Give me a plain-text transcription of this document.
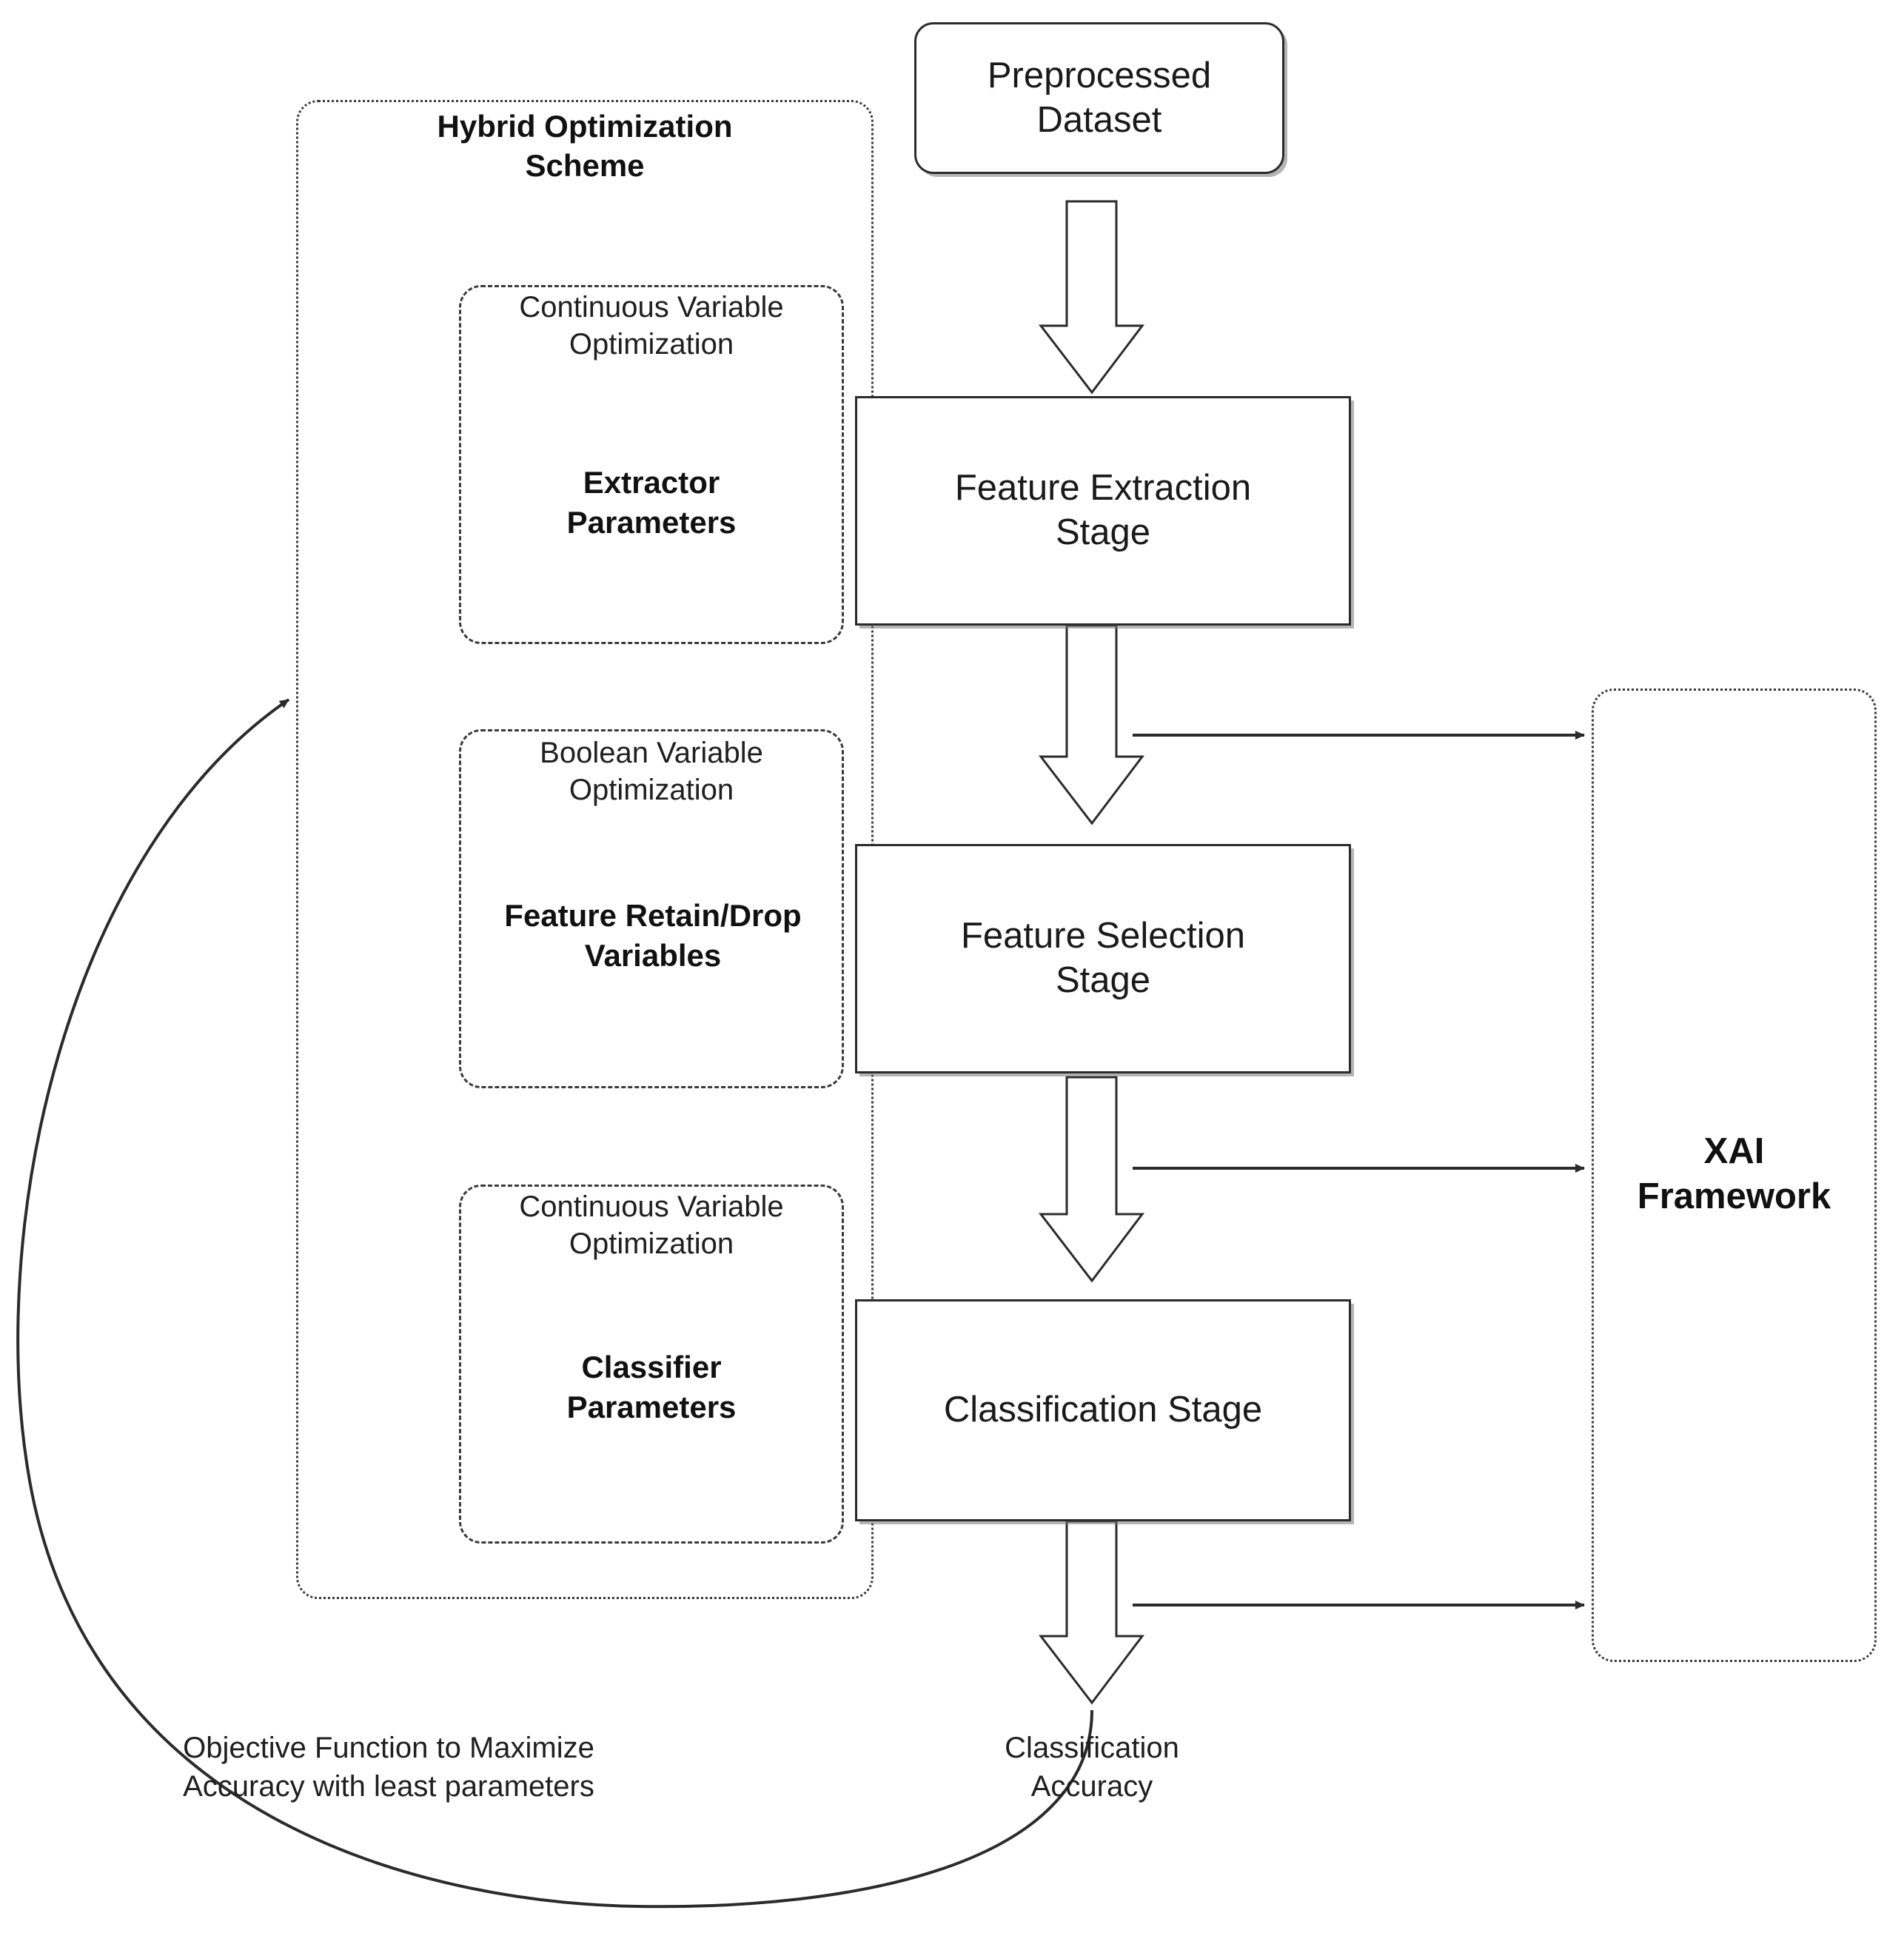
Hybrid Optimization
Scheme
Continuous Variable
Optimization
Extractor
Parameters
Boolean Variable
Optimization
Feature Retain/Drop
Variables
Continuous Variable
Optimization
Classifier
Parameters
Preprocessed
Dataset
Feature Extraction
Stage
Feature Selection
Stage
Classification Stage
XAI
Framework
Objective Function to Maximize
Accuracy with least parameters
Classification
Accuracy
